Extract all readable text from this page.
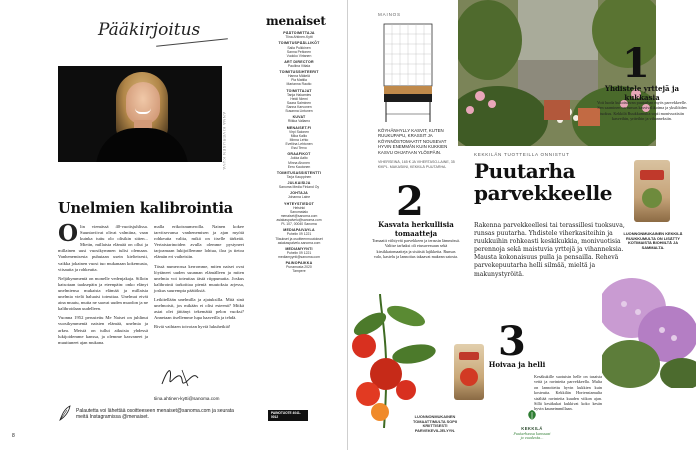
Pääkirjoitus
ANNA KIVERUSEN KUVA
Unelmien kalibrointia

Olin viemässä 40-vuotisjuhlissa. Suuntaviivat olivat valmiina, vaan kuinka tuttu olo olisikin sitten... Mietin, millaista elämää on ollut ja millainen uusi vuosikymmen tulisi olemaan. Vanhenemisesta puhutaan usein kielteisesti, vaikka jokainen vuosi tuo mukanaan kokemusta, viisautta ja rohkeutta.

Neljäkymmentä on monelle vedenjakaja. Silloin katsotaan taaksepäin ja eteenpäin: onko elänyt unelmiensa mukaista elämää ja millaisia unelmia vielä haluaisi toteuttaa. Unelmat eivät aina muutu, mutta ne saavat uuden muodon ja ne kalibroidaan uudelleen.

Vuonna 1952 perustettu Me Naiset on juhlinut vuosikymmeniä naisten elämää, unelmia ja arkea. Meistä on tullut aikuisia yhdessä lukijoidemme kanssa, ja olemme kasvaneet ja muuttuneet ajan mukana.

malla erikoisnumerolla. Nainen kokee tarvitsevansa vanhenemisen ja ajan myötä rohkeutta valita, mikä on itselle tärkeää. Vertaistarinoiden avulla olemme pystyneet tarjoamaan lukijoillemme lohtua, iloa ja tietoa elämän eri vaiheisiin.

Tässä numerossa kerromme, miten naiset ovat löytäneet uuden suunnan elämälleen ja miten unelmia voi toteuttaa iästä riippumatta. Joskus kalibrointi tarkoittaa pieniä muutoksia arjessa, joskus suurempia päätöksiä.

Leikitellään unelmilla ja ajatuksilla. Mitä sinä unelmoisit, jos mikään ei olisi esteenä? Mitkä asiat olet jättänyt tekemättä pelon vuoksi? Annetaan itsellemme lupa haaveilla ja tehdä.

Riviä vaihtaen toivotan hyviä lukuhetkiä!

tiina.ahtinen-kytti@sanoma.com
Palautetta voi lähettää osoitteeseen menaiset@sanoma.com ja seurata meitä Instagramissa @menaiset.
menaiset
PÄÄTOIMITTAJA
Tiina Ahtinen-Kytti
TOIMITUSPÄÄLLIKÖT
Saila Pulkkinen
Sanna Peltonen
Vuokko Virtanen
ART DIRECTOR
Pauliina Viitala
TOIMITUSSIHTEERIT
Hanna Mäkelä
Pia Mattila
Marianna Rautio
TOIMITTAJAT
Tanja Hakamies
Heidi Niemi
Saara Salminen
Sanna Karvonen
Susanna Lintunen
KUVAT
Riikka Vallamo
MENAISET.FI
Virpi Salonen
Mika Kallio
Minna Lehto
Eveliina Lehtonen
Essi Tervo
GRAAFIKOT
Jukka Aalto
Minna Ahonen
Eero Kautonen
TOIMITUSASSISTENTTI
Tarja Kauppinen
JULKAISIJA
Sanoma Media Finland Oy
JOHTAJA
Johanna Laine
YHTEYSTIEDOT
Helsinki
Sanomatalo
menaiset@sanoma.com
asiakaspalvelu@sanoma.com
PL 107, 00040 Sanoma
MEDIAPAIVAYLA
Puhelin 09 1221
Tilaukset ja osoitteenmuutokset
asiakaspalvelu.sanoma.com
MEDIAMYYNTI
Puhelin 09 1221
mediamyynti@sanoma.com
PAINOPAIKKA
Punamusta 2020
Tampere
PAINOTUOTE 4041-0012
8
MAINOS
KÖYHÄNHYLLY KASVIT, KUTEN RUUKUPAPU, KRASSIT JA KÖYNNÖSTOMAATIT NOUSEVAT HYVIN ENEMMÄN KUIN KUKKIEN KASVU OHJATAAN YLÖSPÄIN.
VIHERSEINÄ, 165 € JA VIHERTASO-LAINE, 35 €/KPL. MAKASIINI, KEKKILÄ PUUTARHA.
KEKKILÄN TUOTTEILLA ONNISTUT
Puutarha
parvekkeelle
Rakenna parvekkeellesi tai terassillesi tuoksuva, runsas puutarha. Yhdistele viherkasiteihin ja ruukkuihin rohkeasti keskikukkia, monivuotisia perennoja sekä maistuvia yrttejä ja vihanneksia. Mausta kokonaisuus pulla ja pensailla. Rehevä parvekepuutarha helli silmää, mieltä ja makunystyröitä.
1
Yhdistele yrttejä ja kukkasia
Voit luoda kukoistavan puutarhan myös parvekkeelle. Sen saaminen on runsas kasvivalikoima ja yksilöiden tuoksu. Kekkilä Ruukkumulta sopii monivuotisiin kasveihin, yrtteihin ja vihanneksiin.
LUONNONMUKAINEN KEKKILÄ RUUKKUMULTA ON LISÄTTY KOTIMAISTA BIOHIILTÄ JA SAMMALTA.
2
Kasvata herkullisia tomaatteja
Tomaatit viihtyvät parvekkeen ja terassin lämmössä. Valitse tarhaksi oli etusuvessaan sekä kirsikkatomaatteja ja sisäisiä lajikkeita. Runsas valo, kastelu ja lannoitus takaavat makean satosta.
LUONNONMUKAINEN TOMAATTIMULTA SOPII KRIITTISESTI PARVEKEVILJELYYN.
3
Hoivaa ja helli
Kesäkukille suotuisin helle on tasaista vettä ja ravinteita parvekkeella. Multa on lannoitettu hyvin kukkien kuin kosteutta. Kekkilän Hortensiamulta sisältää ravinteita kuuden viikon ajan. Sillä kesäkukat kukkivat koko kesän hyvin kauneimmillaan.
KEKKILÄ
Puutarhassa kanssasi jo vuodesta...
